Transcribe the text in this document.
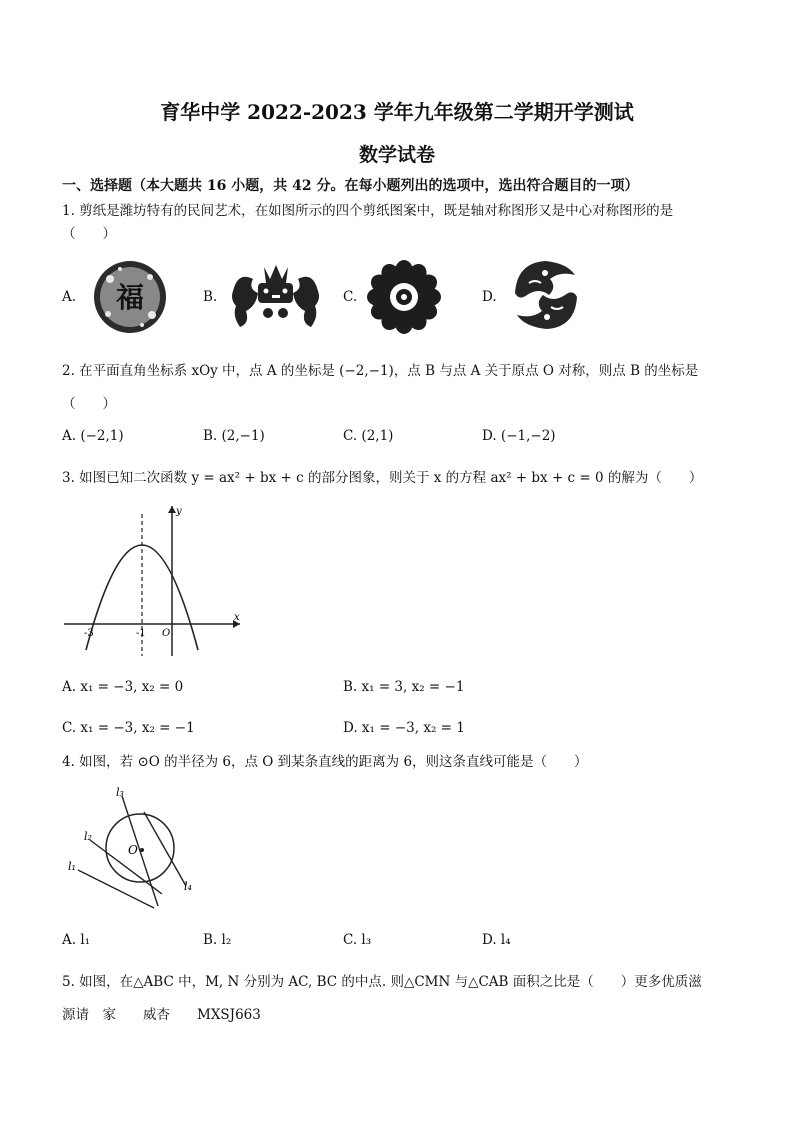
育华中学 2022-2023 学年九年级第二学期开学测试
数学试卷
一、选择题（本大题共 16 小题，共 42 分。在每小题列出的选项中，选出符合题目的一项）
1. 剪纸是潍坊特有的民间艺术，在如图所示的四个剪纸图案中，既是轴对称图形又是中心对称图形的是
（　　）
A. 福	B.	C.	D.
2. 在平面直角坐标系 xOy 中，点 A 的坐标是 (−2,−1)，点 B 与点 A 关于原点 O 对称，则点 B 的坐标是
（　　）
A. (−2,1)	B. (2,−1)	C. (2,1)	D. (−1,−2)
3. 如图已知二次函数 y = ax² + bx + c 的部分图象，则关于 x 的方程 ax² + bx + c = 0 的解为（　　）
y
x
O
-3	-1
A. x₁ = −3, x₂ = 0	B. x₁ = 3, x₂ = −1
C. x₁ = −3, x₂ = −1	D. x₁ = −3, x₂ = 1
4. 如图，若 ⊙O 的半径为 6，点 O 到某条直线的距离为 6，则这条直线可能是（　　）
l₃
l₂
l₁
l₄
O
A. l₁	B. l₂	C. l₃	D. l₄
5. 如图，在△ABC 中，M, N 分别为 AC, BC 的中点. 则△CMN 与△CAB 面积之比是（　　）更多优质滋
源请　家　　威杏　　MXSJ663
